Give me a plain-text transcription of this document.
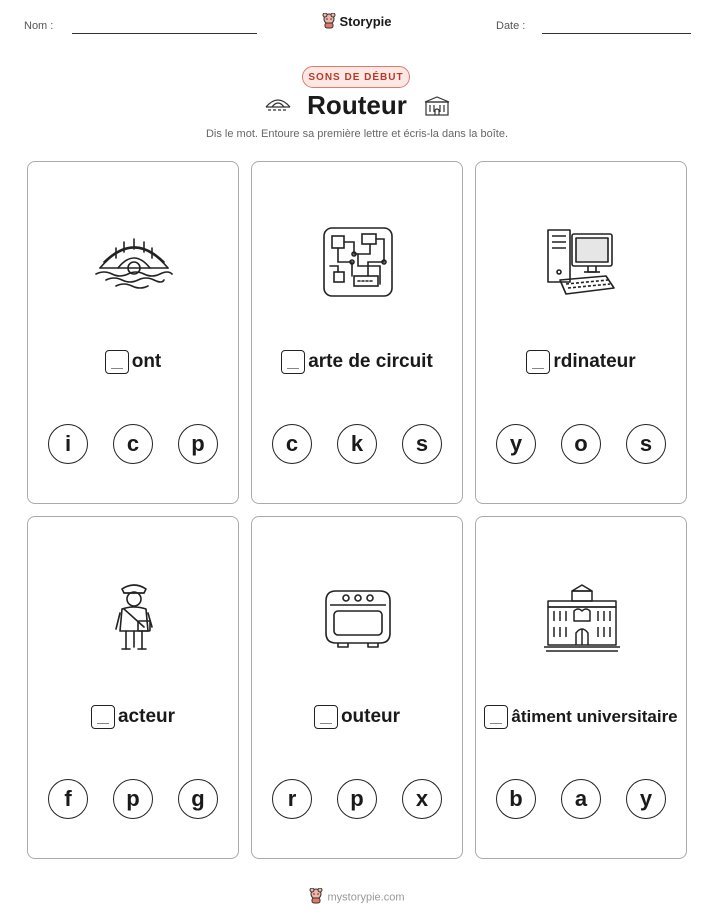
Nom :	Storypie	Date :
SONS DE DÉBUT
Routeur
Dis le mot. Entoure sa première lettre et écris-la dans la boîte.
ont
i	c	p
arte de circuit
c	k	s
rdinateur
y	o	s
acteur
f	p	g
outeur
r	p	x
âtiment universitaire
b	a	y
mystorypie.com
